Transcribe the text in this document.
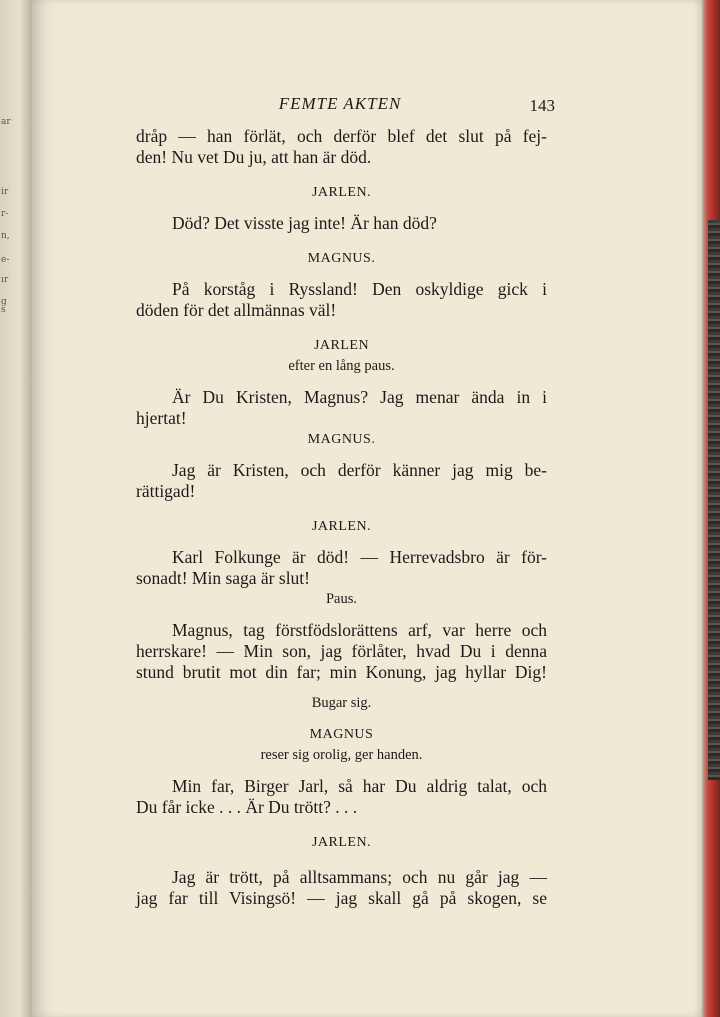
ar
ir
r-
n,
e-
ır
g
s
FEMTE AKTEN	143
dråp — han förlät, och derför blef det slut på fej-
den! Nu vet Du ju, att han är död.
JARLEN.
Död? Det visste jag inte! Är han död?
MAGNUS.
På korståg i Ryssland! Den oskyldige gick i
döden för det allmännas väl!
JARLEN
efter en lång paus.
Är Du Kristen, Magnus? Jag menar ända in i
hjertat!
MAGNUS.
Jag är Kristen, och derför känner jag mig be-
rättigad!
JARLEN.
Karl Folkunge är död! — Herrevadsbro är för-
sonadt! Min saga är slut!
Paus.
Magnus, tag förstfödslorättens arf, var herre och
herrskare! — Min son, jag förlåter, hvad Du i denna
stund brutit mot din far; min Konung, jag hyllar Dig!
Bugar sig.
MAGNUS
reser sig orolig, ger handen.
Min far, Birger Jarl, så har Du aldrig talat, och
Du får icke . . . Är Du trött? . . .
JARLEN.
Jag är trött, på alltsammans; och nu går jag —
jag far till Visingsö! — jag skall gå på skogen, se
